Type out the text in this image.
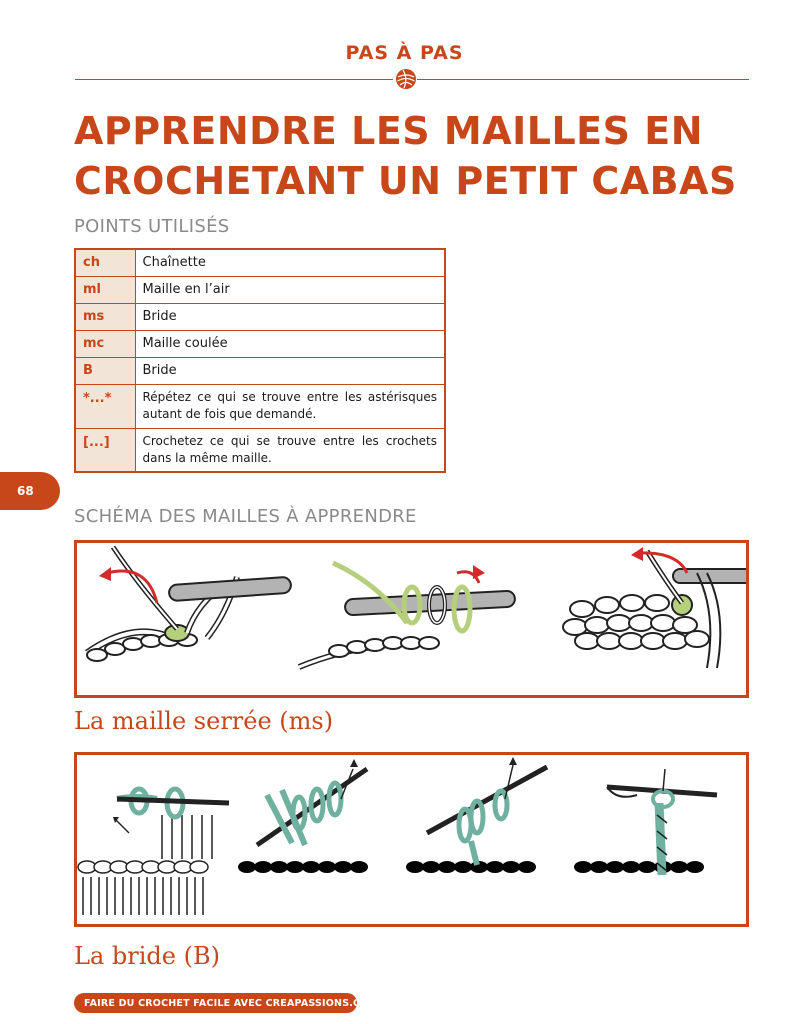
PAS À PAS
APPRENDRE LES MAILLES EN
CROCHETANT UN PETIT CABAS
POINTS UTILISÉS
ch	Chaînette
ml	Maille en l’air
ms	Bride
mc	Maille coulée
B	Bride
*...*	Répétez ce qui se trouve entre les astérisques autant de fois que demandé.
[...]	Crochetez ce qui se trouve entre les crochets dans la même maille.
68
SCHÉMA DES MAILLES À APPRENDRE
La maille serrée (ms)
La bride (B)
FAIRE DU CROCHET FACILE AVEC CREAPASSIONS.COM
